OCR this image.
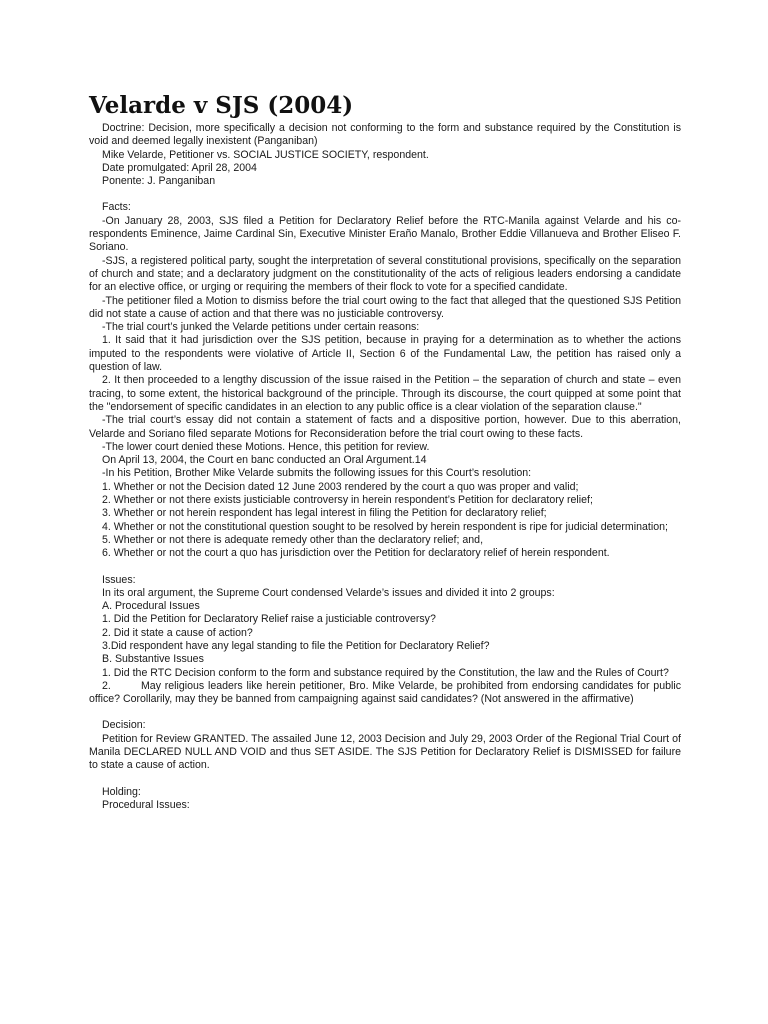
Velarde v SJS (2004)

Doctrine: Decision, more specifically a decision not conforming to the form and substance required by the Constitution is void and deemed legally inexistent (Panganiban)

Mike Velarde, Petitioner vs. SOCIAL JUSTICE SOCIETY, respondent.

Date promulgated: April 28, 2004

Ponente: J. Panganiban

Facts:

-On January 28, 2003, SJS filed a Petition for Declaratory Relief before the RTC-Manila against Velarde and his co-respondents Eminence, Jaime Cardinal Sin, Executive Minister Eraño Manalo, Brother Eddie Villanueva and Brother Eliseo F. Soriano.

-SJS, a registered political party, sought the interpretation of several constitutional provisions, specifically on the separation of church and state; and a declaratory judgment on the constitutionality of the acts of religious leaders endorsing a candidate for an elective office, or urging or requiring the members of their flock to vote for a specified candidate.

-The petitioner filed a Motion to dismiss before the trial court owing to the fact that alleged that the questioned SJS Petition did not state a cause of action and that there was no justiciable controversy.

-The trial court’s junked the Velarde petitions under certain reasons:

1. It said that it had jurisdiction over the SJS petition, because in praying for a determination as to whether the actions imputed to the respondents were violative of Article II, Section 6 of the Fundamental Law, the petition has raised only a question of law.

2. It then proceeded to a lengthy discussion of the issue raised in the Petition – the separation of church and state – even tracing, to some extent, the historical background of the principle. Through its discourse, the court quipped at some point that the "endorsement of specific candidates in an election to any public office is a clear violation of the separation clause."

-The trial court’s essay did not contain a statement of facts and a dispositive portion, however. Due to this aberration, Velarde and Soriano filed separate Motions for Reconsideration before the trial court owing to these facts.

-The lower court denied these Motions. Hence, this petition for review.

On April 13, 2004, the Court en banc conducted an Oral Argument.14

-In his Petition, Brother Mike Velarde submits the following issues for this Court’s resolution:

1. Whether or not the Decision dated 12 June 2003 rendered by the court a quo was proper and valid;

2. Whether or not there exists justiciable controversy in herein respondent’s Petition for declaratory relief;

3. Whether or not herein respondent has legal interest in filing the Petition for declaratory relief;

4. Whether or not the constitutional question sought to be resolved by herein respondent is ripe for judicial determination;

5. Whether or not there is adequate remedy other than the declaratory relief; and,

6. Whether or not the court a quo has jurisdiction over the Petition for declaratory relief of herein respondent.

Issues:

In its oral argument, the Supreme Court condensed Velarde’s issues and divided it into 2 groups:

A. Procedural Issues

1. Did the Petition for Declaratory Relief raise a justiciable controversy?

2. Did it state a cause of action?

3.Did respondent have any legal standing to file the Petition for Declaratory Relief?

B. Substantive Issues

1. Did the RTC Decision conform to the form and substance required by the Constitution, the law and the Rules of Court?

2.        May religious leaders like herein petitioner, Bro. Mike Velarde, be prohibited from endorsing candidates for public office? Corollarily, may they be banned from campaigning against said candidates? (Not answered in the affirmative)

Decision:

Petition for Review GRANTED. The assailed June 12, 2003 Decision and July 29, 2003 Order of the Regional Trial Court of Manila DECLARED NULL AND VOID and thus SET ASIDE. The SJS Petition for Declaratory Relief is DISMISSED for failure to state a cause of action.

Holding:

Procedural Issues:
